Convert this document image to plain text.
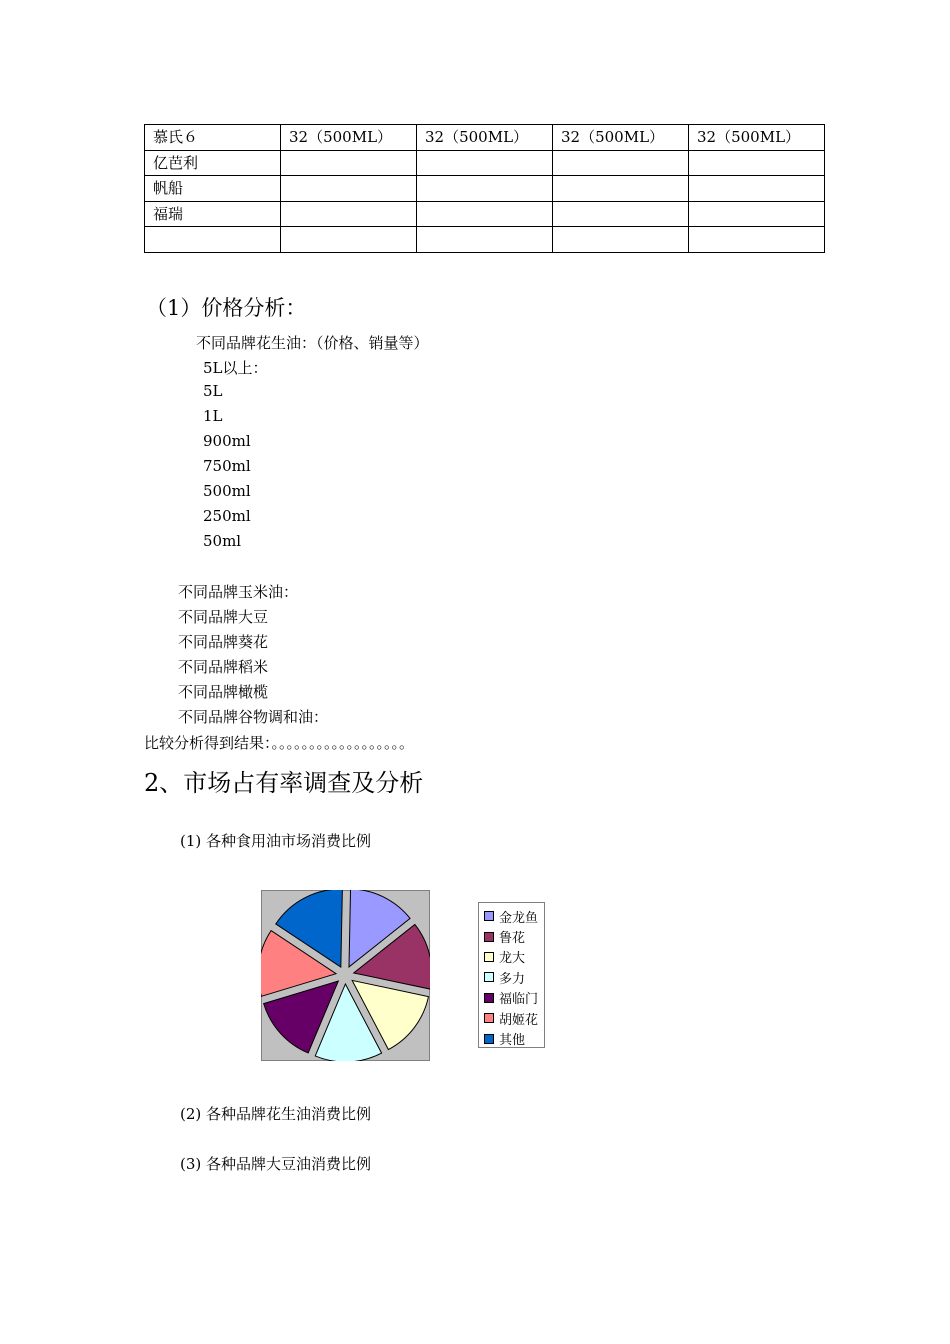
慕氏６	32（500ML）	32（500ML）	32（500ML）	32（500ML）
亿芭利				
帆船				
福瑞				

（1）价格分析：
不同品牌花生油：（价格、销量等）
5L以上：
5L
1L
900ml
750ml
500ml
250ml
50ml
不同品牌玉米油：
不同品牌大豆
不同品牌葵花
不同品牌稻米
不同品牌橄榄
不同品牌谷物调和油：
比较分析得到结果：。。。。。。。。。。。。。。。。。。
2、市场占有率调查及分析
(1) 各种食用油市场消费比例
金龙鱼
鲁花
龙大
多力
福临门
胡姬花
其他
(2) 各种品牌花生油消费比例
(3) 各种品牌大豆油消费比例
